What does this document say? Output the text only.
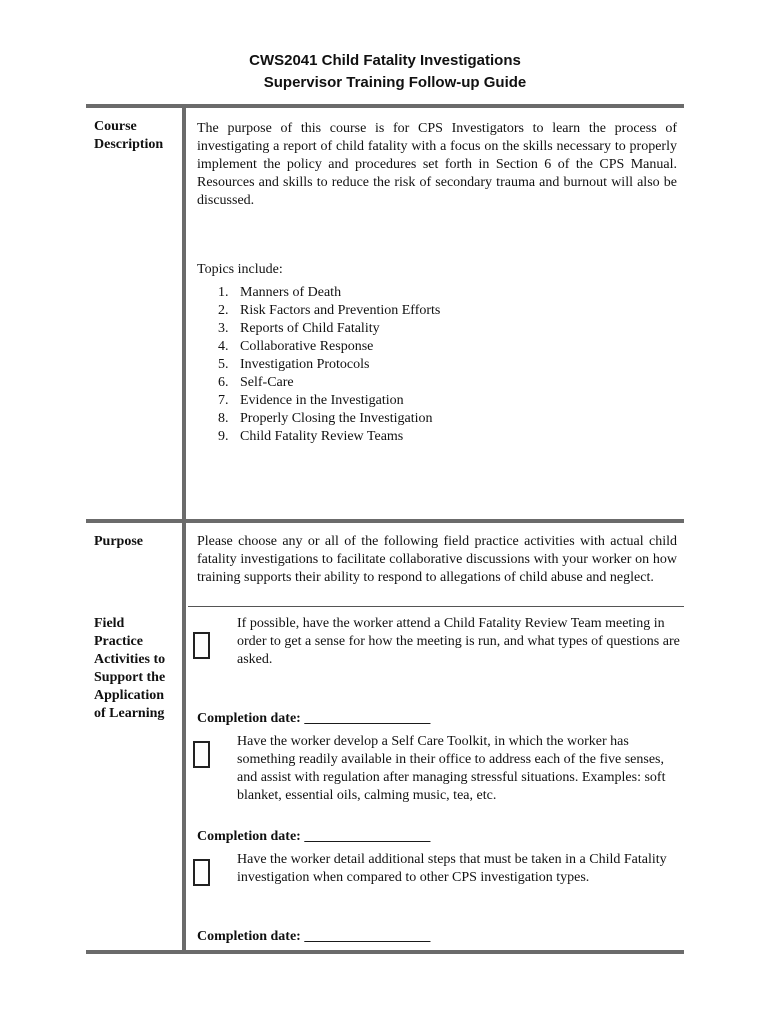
CWS2041 Child Fatality Investigations
Supervisor Training Follow-up Guide
Course
Description
The purpose of this course is for CPS Investigators to learn the process of investigating a report of child fatality with a focus on the skills necessary to properly implement the policy and procedures set forth in Section 6 of the CPS Manual. Resources and skills to reduce the risk of secondary trauma and burnout will also be discussed.
Topics include:
1. Manners of Death
2. Risk Factors and Prevention Efforts
3. Reports of Child Fatality
4. Collaborative Response
5. Investigation Protocols
6. Self-Care
7. Evidence in the Investigation
8. Properly Closing the Investigation
9. Child Fatality Review Teams
Purpose	Please choose any or all of the following field practice activities with actual child fatality investigations to facilitate collaborative discussions with your worker on how training supports their ability to respond to allegations of child abuse and neglect.
Field
Practice
Activities to
Support the
Application
of Learning
If possible, have the worker attend a Child Fatality Review Team meeting in order to get a sense for how the meeting is run, and what types of questions are asked.
Completion date: __________________
Have the worker develop a Self Care Toolkit, in which the worker has something readily available in their office to address each of the five senses, and assist with regulation after managing stressful situations. Examples: soft blanket, essential oils, calming music, tea, etc.
Completion date: __________________
Have the worker detail additional steps that must be taken in a Child Fatality investigation when compared to other CPS investigation types.
Completion date: __________________
